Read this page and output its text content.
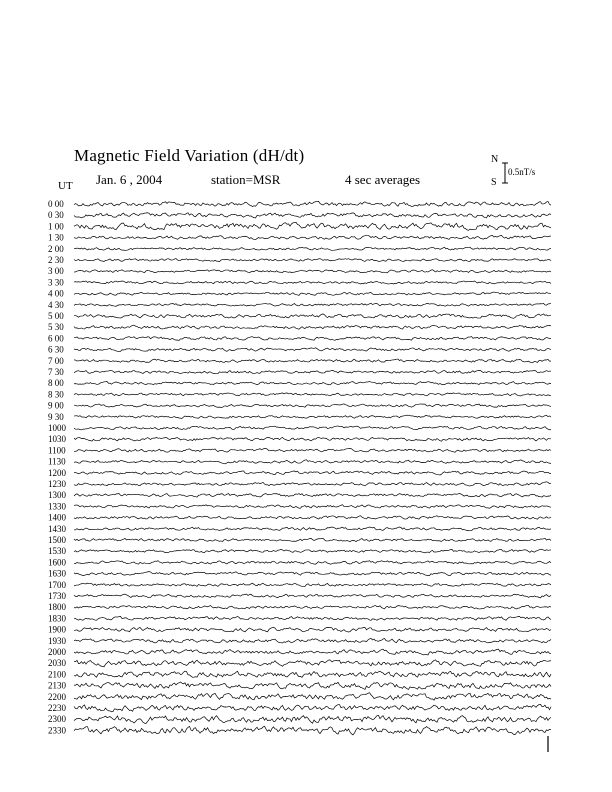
Magnetic Field Variation (dH/dt)
Jan. 6 , 2004	station=MSR	4 sec averages
UT
N
S
0.5nT/s
0 00
0 30
1 00
1 30
2 00
2 30
3 00
3 30
4 00
4 30
5 00
5 30
6 00
6 30
7 00
7 30
8 00
8 30
9 00
9 30
1000
1030
1100
1130
1200
1230
1300
1330
1400
1430
1500
1530
1600
1630
1700
1730
1800
1830
1900
1930
2000
2030
2100
2130
2200
2230
2300
2330
